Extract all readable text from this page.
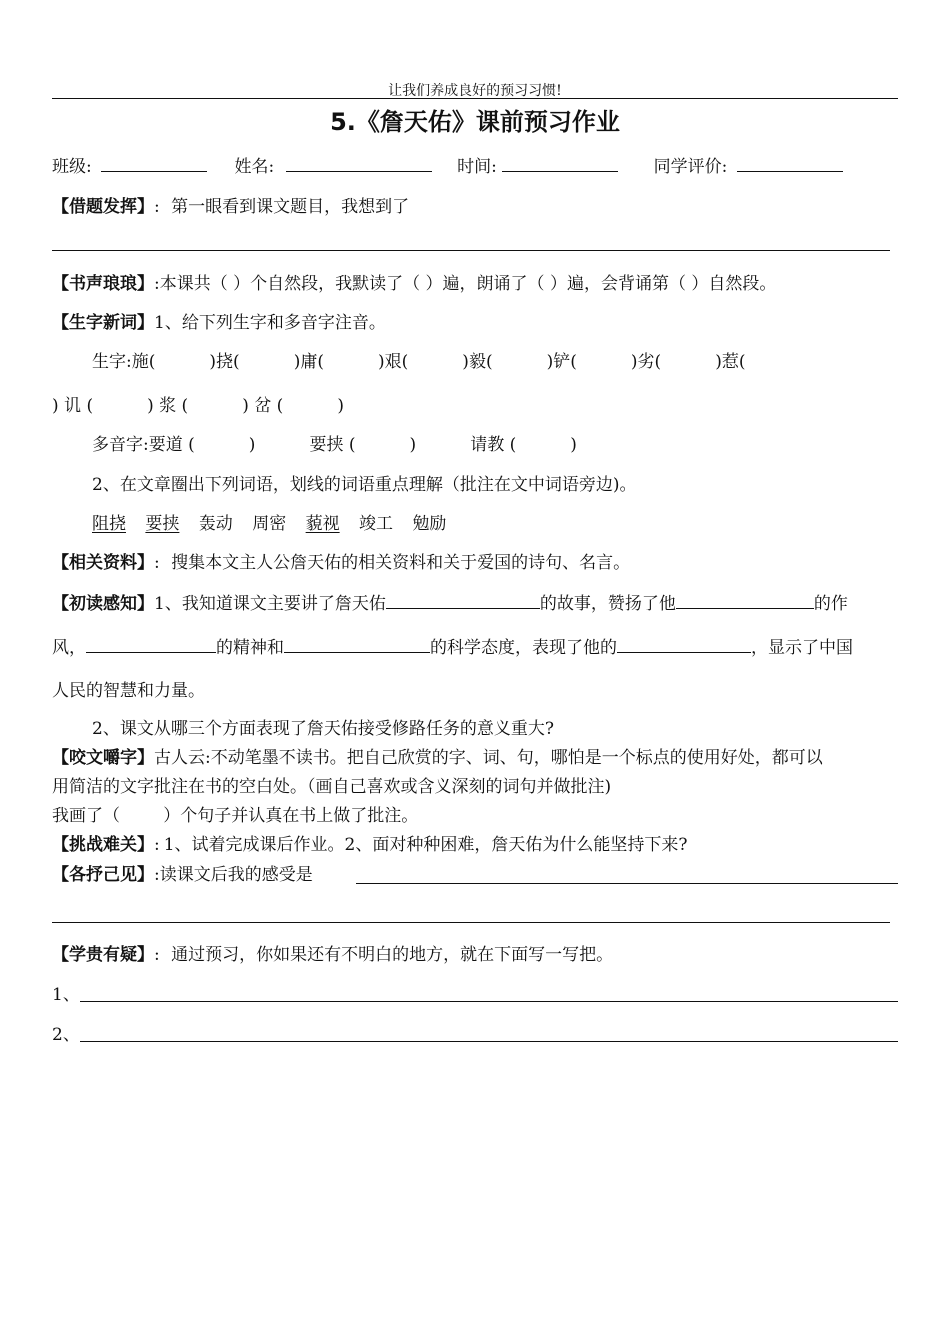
让我们养成良好的预习习惯!
5.《詹天佑》课前预习作业
班级:	姓名:	时间:	同学评价:
【借题发挥】: 第一眼看到课文题目，我想到了
【书声琅琅】:本课共（ ）个自然段，我默读了（ ）遍，朗诵了（ ）遍，会背诵第（ ）自然段。
【生字新词】1、给下列生字和多音字注音。
生字:施(          )挠(          )庸(          )艰(          )毅(          )铲(          )劣(          )惹(
) 讥 (          ) 浆 (          ) 岔 (          )
多音字:要道 (          )          要挟 (          )          请教 (          )
2、在文章圈出下列词语，划线的词语重点理解（批注在文中词语旁边)。
阻挠 要挟 轰动 周密 藐视 竣工 勉励
【相关资料】: 搜集本文主人公詹天佑的相关资料和关于爱国的诗句、名言。
【初读感知】1、我知道课文主要讲了詹天佑	的故事，赞扬了他	的作
风，	的精神和	的科学态度，表现了他的	，显示了中国
人民的智慧和力量。
2、课文从哪三个方面表现了詹天佑接受修路任务的意义重大?
【咬文嚼字】古人云:不动笔墨不读书。把自己欣赏的字、词、句，哪怕是一个标点的使用好处，都可以
用简洁的文字批注在书的空白处。（画自己喜欢或含义深刻的词句并做批注)
我画了（        ）个句子并认真在书上做了批注。
【挑战难关】: 1、试着完成课后作业。2、面对种种困难，詹天佑为什么能坚持下来?
【各抒己见】:读课文后我的感受是
【学贵有疑】: 通过预习，你如果还有不明白的地方，就在下面写一写把。
1、
2、
